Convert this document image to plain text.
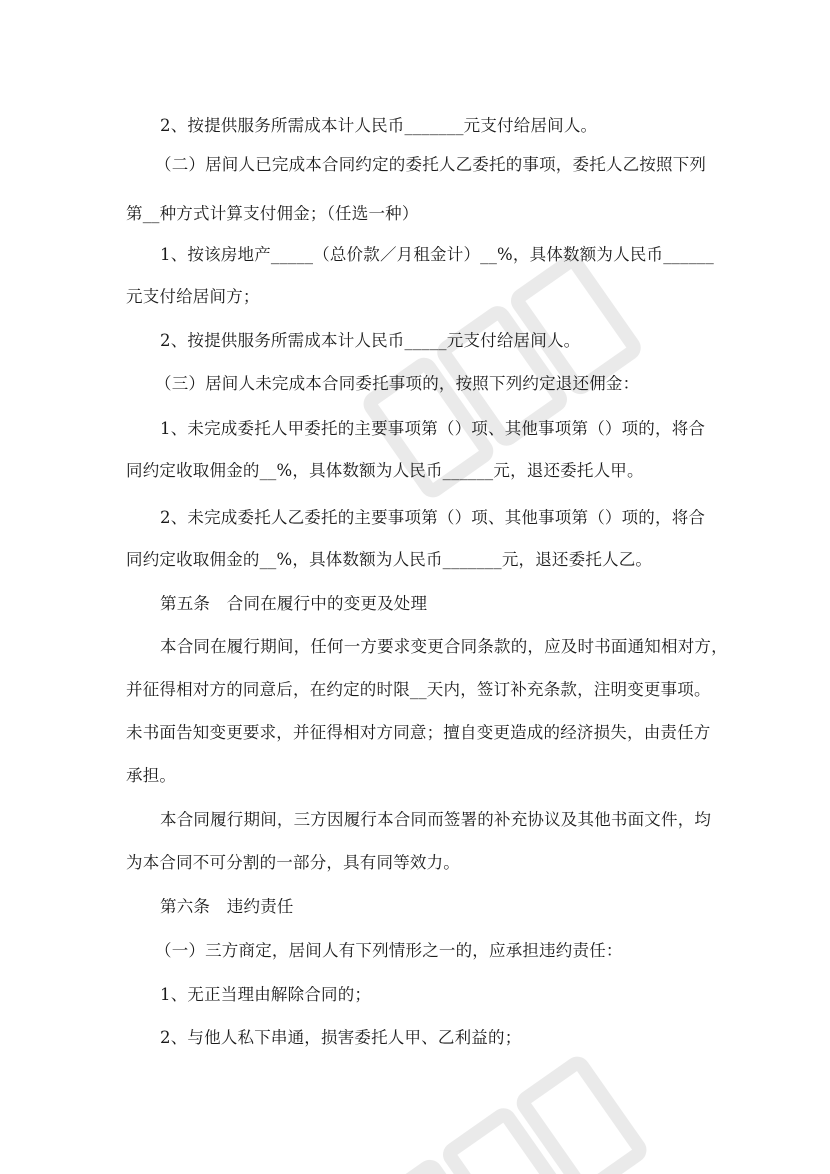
2、按提供服务所需成本计人民币_______元支付给居间人。
（二）居间人已完成本合同约定的委托人乙委托的事项，委托人乙按照下列
第__种方式计算支付佣金；（任选一种）
1、按该房地产_____（总价款／月租金计）__%，具体数额为人民币______
元支付给居间方；
2、按提供服务所需成本计人民币_____元支付给居间人。
（三）居间人未完成本合同委托事项的，按照下列约定退还佣金：
1、未完成委托人甲委托的主要事项第（）项、其他事项第（）项的，将合
同约定收取佣金的__%，具体数额为人民币______元，退还委托人甲。
2、未完成委托人乙委托的主要事项第（）项、其他事项第（）项的，将合
同约定收取佣金的__%，具体数额为人民币_______元，退还委托人乙。
第五条　合同在履行中的变更及处理
本合同在履行期间，任何一方要求变更合同条款的，应及时书面通知相对方，
并征得相对方的同意后，在约定的时限__天内，签订补充条款，注明变更事项。
未书面告知变更要求，并征得相对方同意；擅自变更造成的经济损失，由责任方
承担。
本合同履行期间，三方因履行本合同而签署的补充协议及其他书面文件，均
为本合同不可分割的一部分，具有同等效力。
第六条　违约责任
（一）三方商定，居间人有下列情形之一的，应承担违约责任：
1、无正当理由解除合同的；
2、与他人私下串通，损害委托人甲、乙利益的；
